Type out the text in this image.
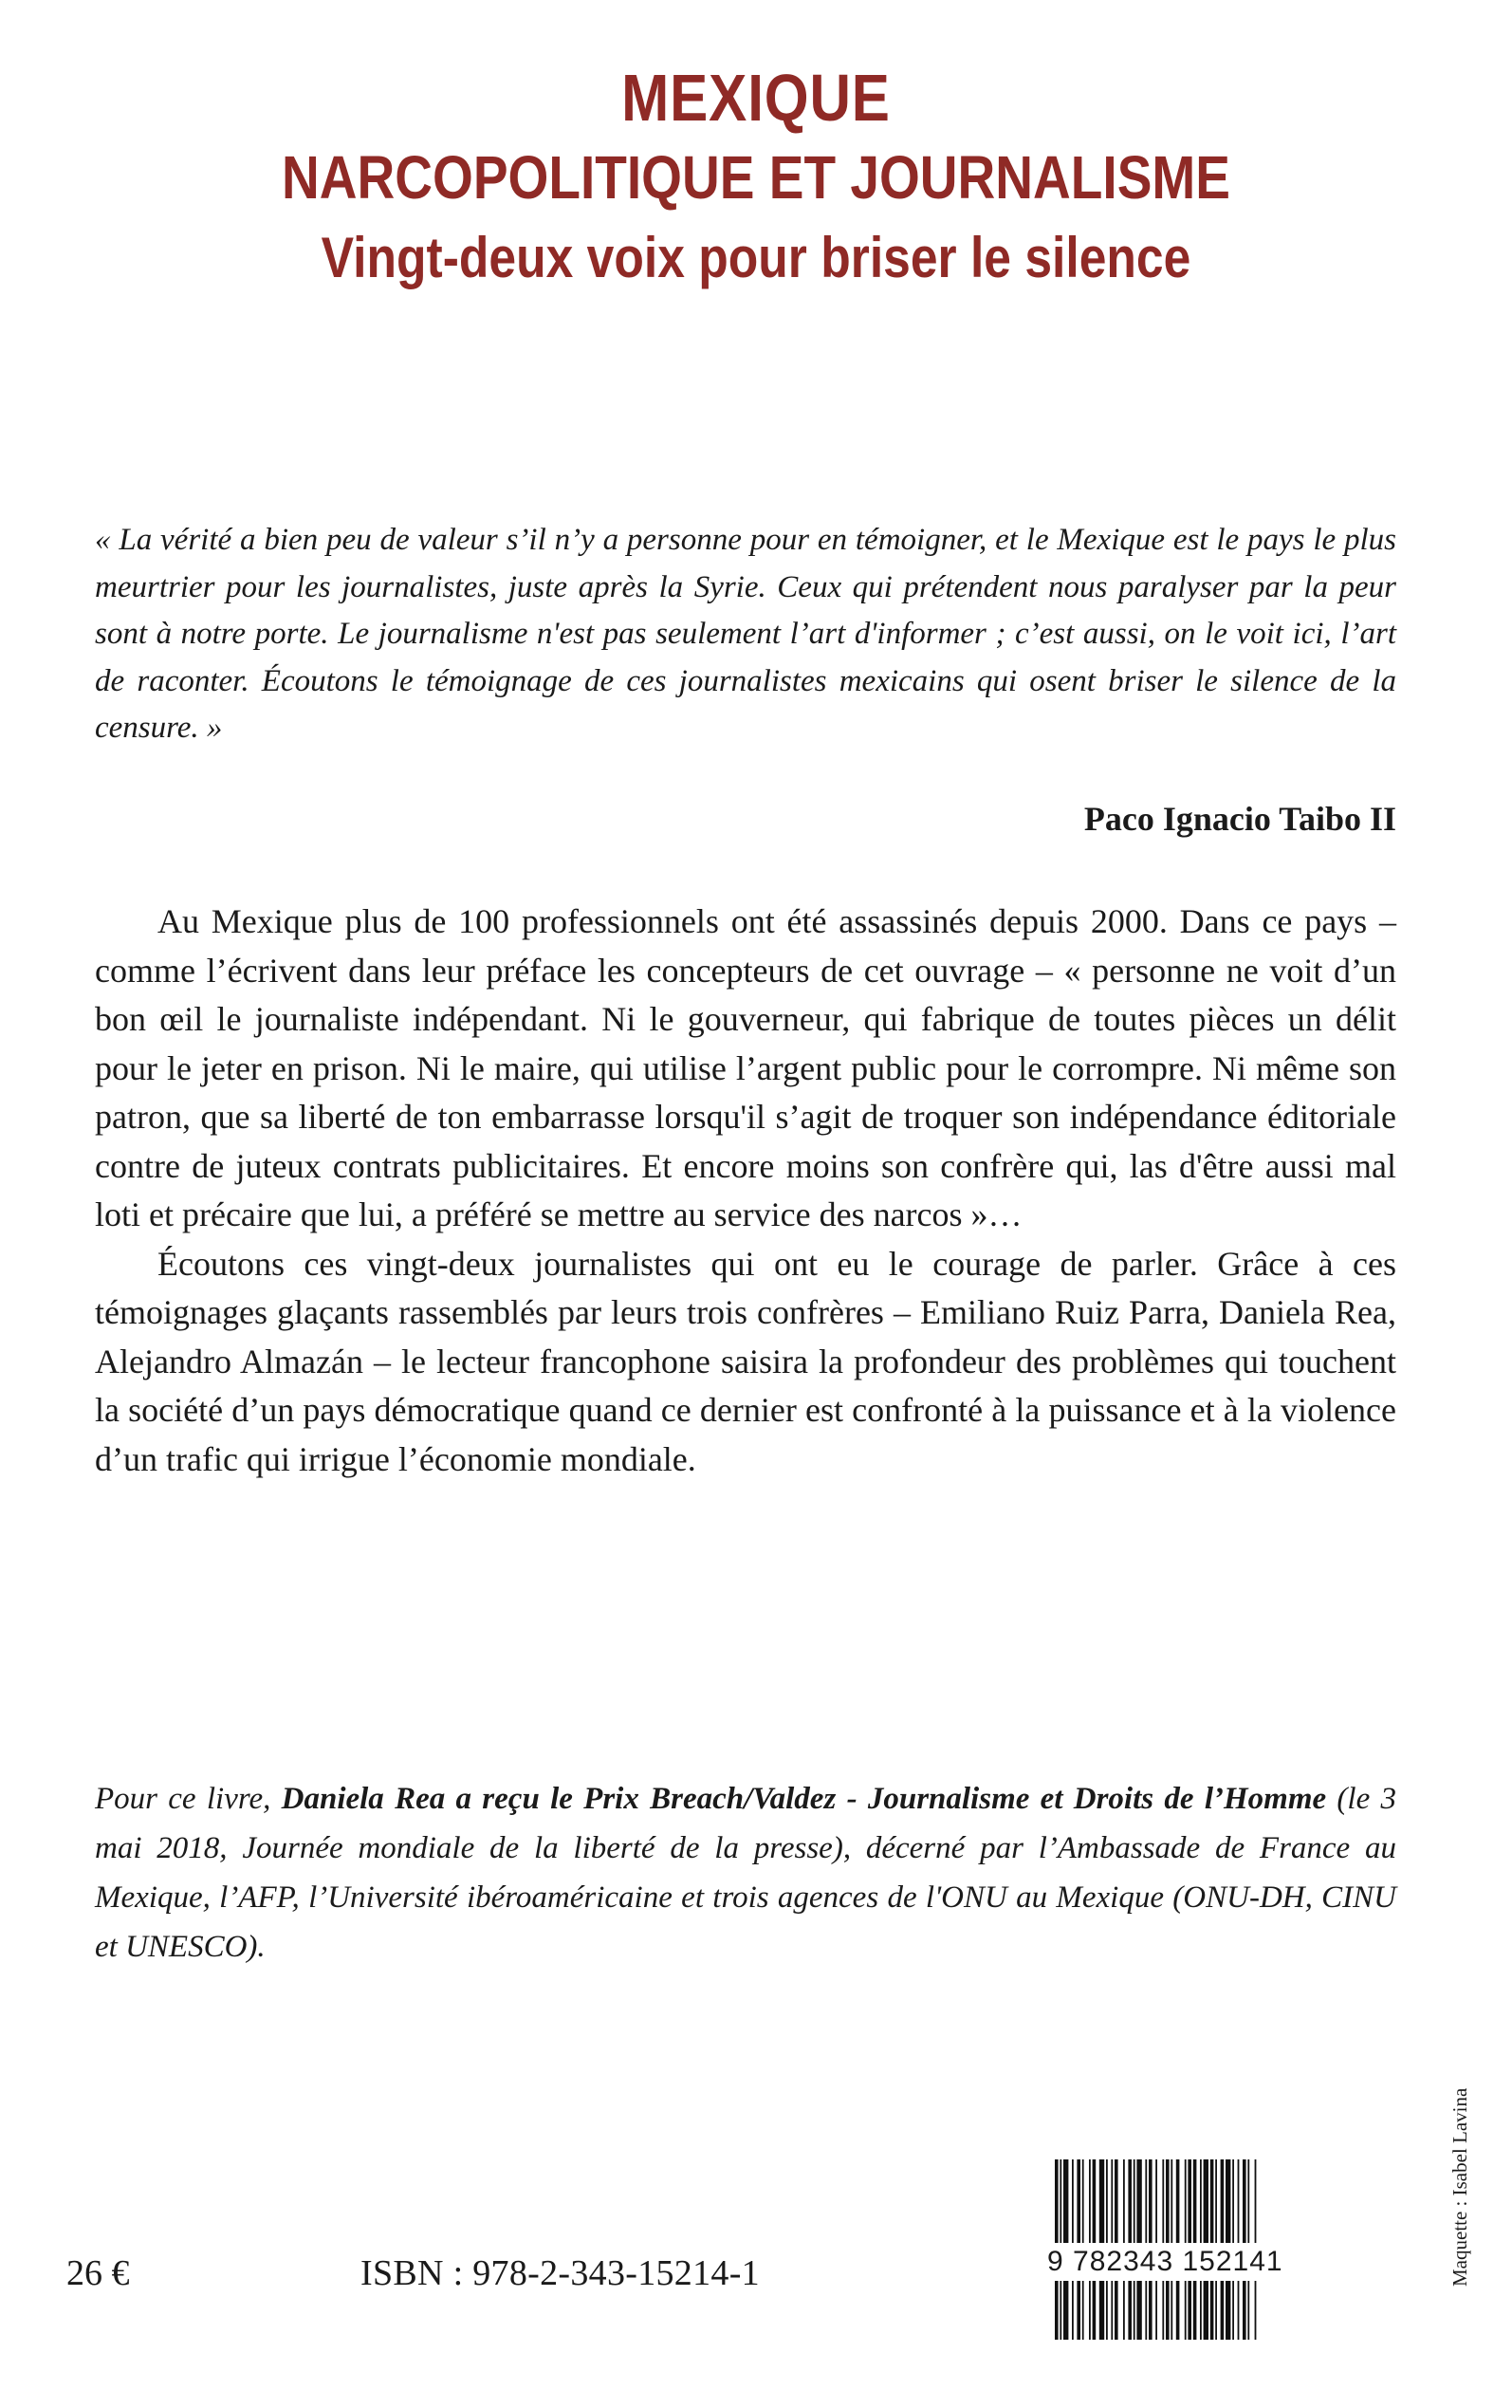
MEXIQUE
NARCOPOLITIQUE ET JOURNALISME
Vingt-deux voix pour briser le silence

« La vérité a bien peu de valeur s’il n’y a personne pour en témoigner, et le Mexique est le pays le plus meurtrier pour les journalistes, juste après la Syrie. Ceux qui prétendent nous paralyser par la peur sont à notre porte. Le journalisme n'est pas seulement l’art d'informer ; c’est aussi, on le voit ici, l’art de raconter. Écoutons le témoignage de ces journalistes mexicains qui osent briser le silence de la censure. »

Paco Ignacio Taibo II

Au Mexique plus de 100 professionnels ont été assassinés depuis 2000. Dans ce pays – comme l’écrivent dans leur préface les concepteurs de cet ouvrage – « personne ne voit d’un bon œil le journaliste indépendant. Ni le gouverneur, qui fabrique de toutes pièces un délit pour le jeter en prison. Ni le maire, qui utilise l’argent public pour le corrompre. Ni même son patron, que sa liberté de ton embarrasse lorsqu'il s’agit de troquer son indépendance éditoriale contre de juteux contrats publicitaires. Et encore moins son confrère qui, las d'être aussi mal loti et précaire que lui, a préféré se mettre au service des narcos »…

Écoutons ces vingt-deux journalistes qui ont eu le courage de parler. Grâce à ces témoignages glaçants rassemblés par leurs trois confrères – Emiliano Ruiz Parra, Daniela Rea, Alejandro Almazán – le lecteur francophone saisira la profondeur des problèmes qui touchent la société d’un pays démocratique quand ce dernier est confronté à la puissance et à la violence d’un trafic qui irrigue l’économie mondiale.

Pour ce livre, Daniela Rea a reçu le Prix Breach/Valdez - Journalisme et Droits de l’Homme (le 3 mai 2018, Journée mondiale de la liberté de la presse), décerné par l’Ambassade de France au Mexique, l’AFP, l’Université ibéroaméricaine et trois agences de l'ONU au Mexique (ONU-DH, CINU et UNESCO).

26 €	ISBN : 978-2-343-15214-1	9 782343 152141	Maquette : Isabel Lavina
